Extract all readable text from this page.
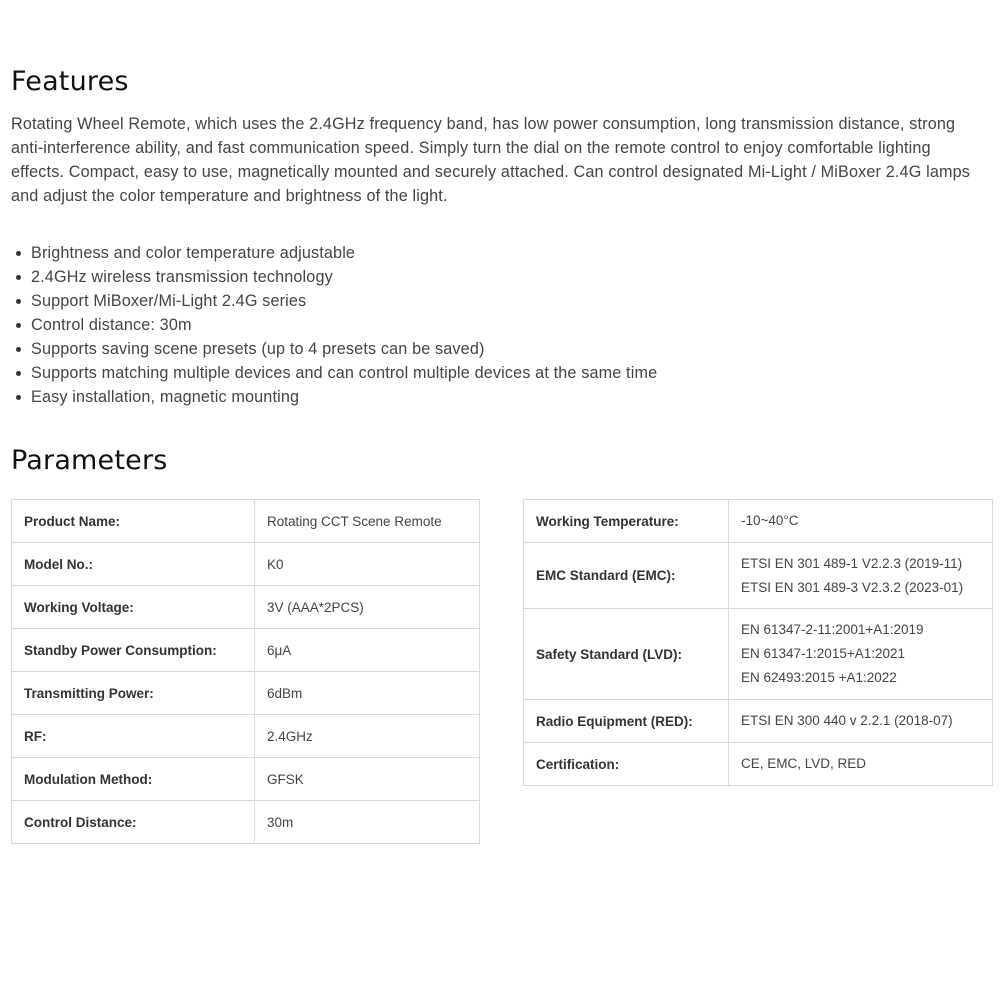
Features

Rotating Wheel Remote, which uses the 2.4GHz frequency band, has low power consumption, long transmission distance, strong anti-interference ability, and fast communication speed. Simply turn the dial on the remote control to enjoy comfortable lighting effects. Compact, easy to use, magnetically mounted and securely attached. Can control designated Mi-Light / MiBoxer 2.4G lamps and adjust the color temperature and brightness of the light.

Brightness and color temperature adjustable
2.4GHz wireless transmission technology
Support MiBoxer/Mi-Light 2.4G series
Control distance: 30m
Supports saving scene presets (up to 4 presets can be saved)
Supports matching multiple devices and can control multiple devices at the same time
Easy installation, magnetic mounting
Parameters
Product Name:	Rotating CCT Scene Remote
Model No.:	K0
Working Voltage:	3V (AAA*2PCS)
Standby Power Consumption:	6μA
Transmitting Power:	6dBm
RF:	2.4GHz
Modulation Method:	GFSK
Control Distance:	30m
Working Temperature:	-10~40°C

EMC Standard (EMC):	ETSI EN 301 489-1 V2.2.3 (2019-11)
ETSI EN 301 489-3 V2.3.2 (2023-01)

Safety Standard (LVD):	EN 61347-2-11:2001+A1:2019
EN 61347-1:2015+A1:2021
EN 62493:2015 +A1:2022

Radio Equipment (RED):	ETSI EN 300 440 v 2.2.1 (2018-07)

Certification:	CE, EMC, LVD, RED
